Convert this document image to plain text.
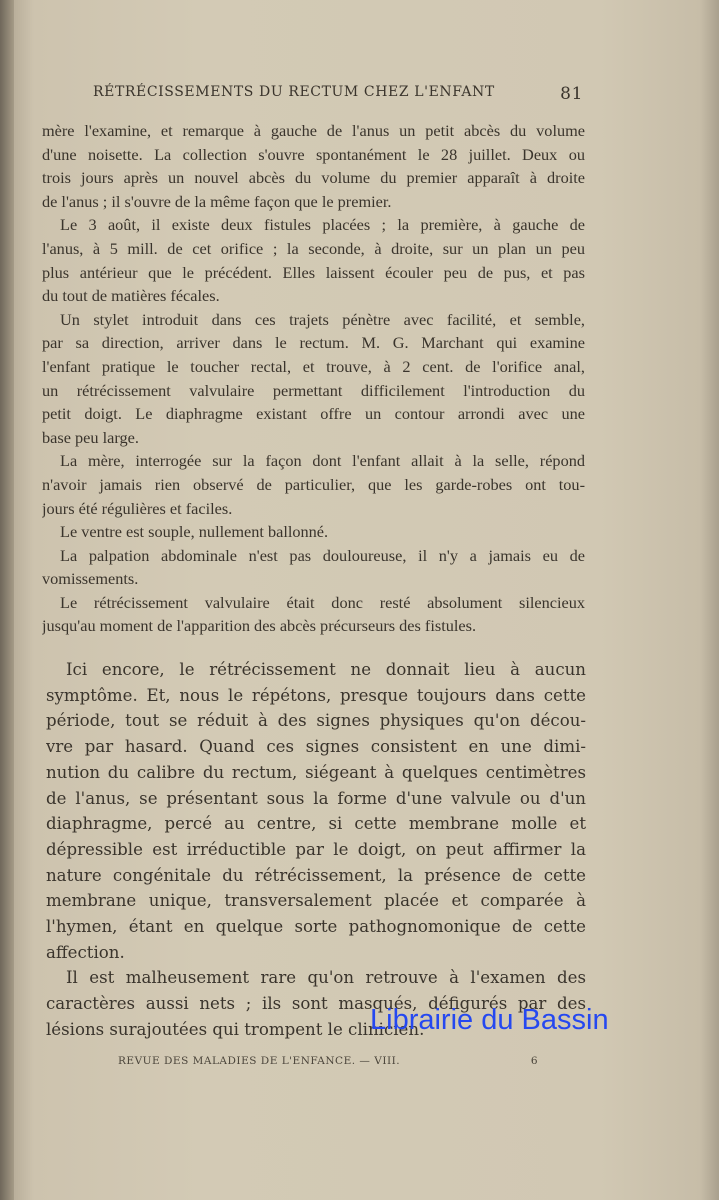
RÉTRÉCISSEMENTS DU RECTUM CHEZ L'ENFANT	81
mère l'examine, et remarque à gauche de l'anus un petit abcès du volume
d'une noisette. La collection s'ouvre spontanément le 28 juillet. Deux ou
trois jours après un nouvel abcès du volume du premier apparaît à droite
de l'anus ; il s'ouvre de la même façon que le premier.
Le 3 août, il existe deux fistules placées ; la première, à gauche de
l'anus, à 5 mill. de cet orifice ; la seconde, à droite, sur un plan un peu
plus antérieur que le précédent. Elles laissent écouler peu de pus, et pas
du tout de matières fécales.
Un stylet introduit dans ces trajets pénètre avec facilité, et semble,
par sa direction, arriver dans le rectum. M. G. Marchant qui examine
l'enfant pratique le toucher rectal, et trouve, à 2 cent. de l'orifice anal,
un rétrécissement valvulaire permettant difficilement l'introduction du
petit doigt. Le diaphragme existant offre un contour arrondi avec une
base peu large.
La mère, interrogée sur la façon dont l'enfant allait à la selle, répond
n'avoir jamais rien observé de particulier, que les garde-robes ont tou-
jours été régulières et faciles.
Le ventre est souple, nullement ballonné.
La palpation abdominale n'est pas douloureuse, il n'y a jamais eu de
vomissements.
Le rétrécissement valvulaire était donc resté absolument silencieux
jusqu'au moment de l'apparition des abcès précurseurs des fistules.
Ici encore, le rétrécissement ne donnait lieu à aucun
symptôme. Et, nous le répétons, presque toujours dans cette
période, tout se réduit à des signes physiques qu'on décou-
vre par hasard. Quand ces signes consistent en une dimi-
nution du calibre du rectum, siégeant à quelques centimètres
de l'anus, se présentant sous la forme d'une valvule ou d'un
diaphragme, percé au centre, si cette membrane molle et
dépressible est irréductible par le doigt, on peut affirmer la
nature congénitale du rétrécissement, la présence de cette
membrane unique, transversalement placée et comparée à
l'hymen, étant en quelque sorte pathognomonique de cette
affection.
Il est malheusement rare qu'on retrouve à l'examen des
caractères aussi nets ; ils sont masqués, défigurés par des
lésions surajoutées qui trompent le clinicien.
REVUE DES MALADIES DE L'ENFANCE. — VIII.	6
Librairie du Bassin
